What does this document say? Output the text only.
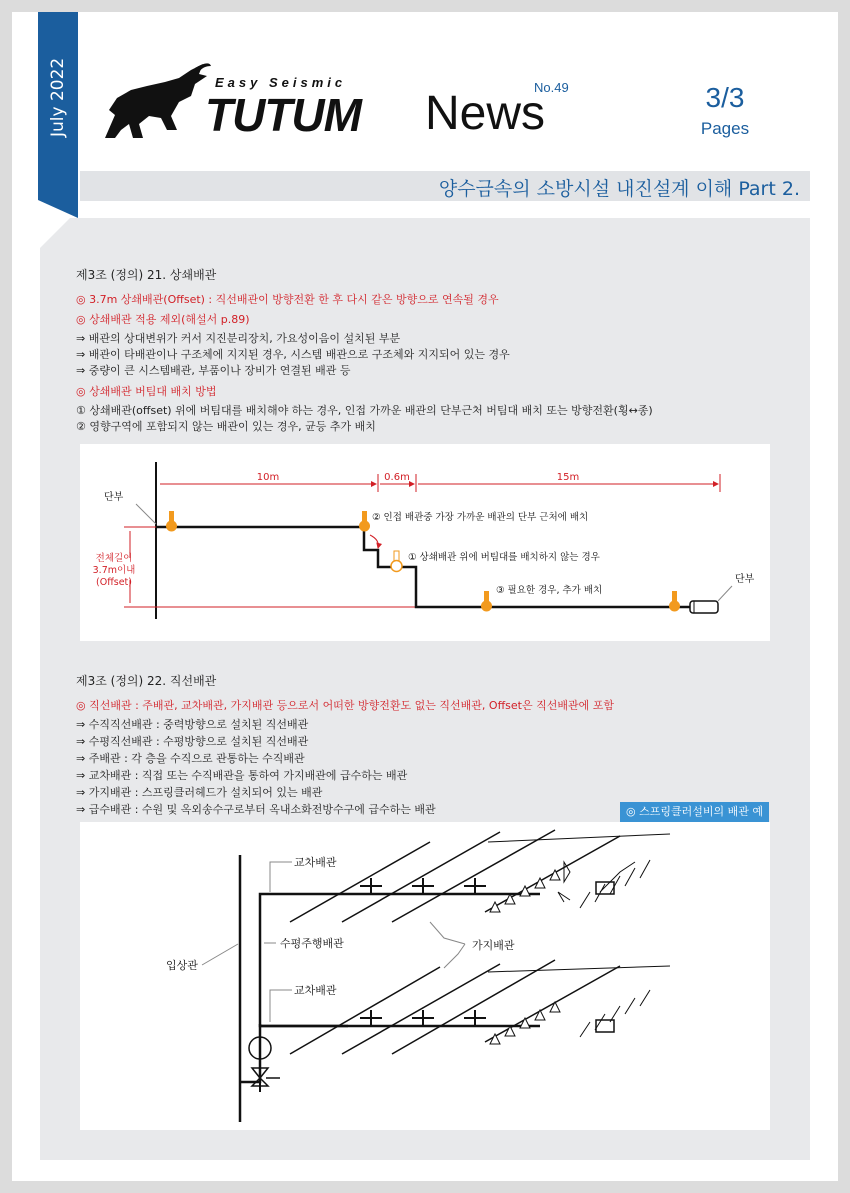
July 2022	Easy Seismic
TUTUM News
No.49	3/3
Pages
양수금속의 소방시설 내진설계 이해 Part 2.
제3조 (정의) 21. 상쇄배관
◎ 3.7m 상쇄배관(Offset) : 직선배관이 방향전환 한 후 다시 같은 방향으로 연속될 경우
◎ 상쇄배관 적용 제외(해설서 p.89)
⇒ 배관의 상대변위가 커서 지진분리장치, 가요성이음이 설치된 부분
⇒ 배관이 타배관이나 구조체에 지지된 경우, 시스템 배관으로 구조체와 지지되어 있는 경우
⇒ 중량이 큰 시스템배관, 부품이나 장비가 연결된 배관 등
◎ 상쇄배관 버팀대 배치 방법
① 상쇄배관(offset) 위에 버팀대를 배치해야 하는 경우, 인접 가까운 배관의 단부근처 버팀대 배치 또는 방향전환(횡↔종)
② 영향구역에 포함되지 않는 배관이 있는 경우, 균등 추가 배치
10m	0.6m	15m
전체길이
3.7m이내
(Offset)
단부
단부
② 인접 배관중 가장 가까운 배관의 단부 근처에 배치
① 상쇄배관 위에 버팀대를 배치하지 않는 경우
③ 필요한 경우, 추가 배치
제3조 (정의) 22. 직선배관
◎ 직선배관 : 주배관, 교차배관, 가지배관 등으로서 어떠한 방향전환도 없는 직선배관, Offset은 직선배관에 포함
⇒ 수직직선배관 : 중력방향으로 설치된 직선배관
⇒ 수평직선배관 : 수평방향으로 설치된 직선배관
⇒ 주배관 : 각 층을 수직으로 관통하는 수직배관
⇒ 교차배관 : 직접 또는 수직배관을 통하여 가지배관에 급수하는 배관
⇒ 가지배관 : 스프링클러헤드가 설치되어 있는 배관
⇒ 급수배관 : 수원 및 옥외송수구로부터 옥내소화전방수구에 급수하는 배관	◎ 스프링클러설비의 배관 예
교차배관
수평주행배관
입상관
가지배관
교차배관
